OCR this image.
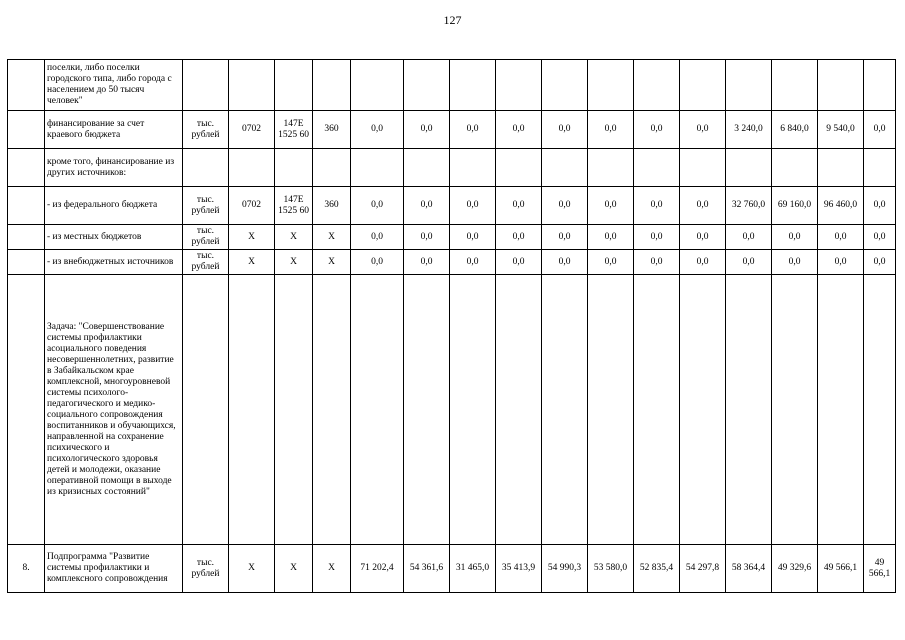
127
	поселки, либо поселки городского типа, либо города с населением до 50 тысяч человек"																
	финансирование за счет краевого бюджета	тыс. рублей	0702	147Е 1525 60	360	0,0	0,0	0,0	0,0	0,0	0,0	0,0	0,0	3 240,0	6 840,0	9 540,0	0,0
	кроме того, финансирование из других источников:																
	- из федерального бюджета	тыс. рублей	0702	147Е 1525 60	360	0,0	0,0	0,0	0,0	0,0	0,0	0,0	0,0	32 760,0	69 160,0	96 460,0	0,0
	- из местных бюджетов	тыс. рублей	Х	Х	Х	0,0	0,0	0,0	0,0	0,0	0,0	0,0	0,0	0,0	0,0	0,0	0,0
	- из внебюджетных источников	тыс. рублей	Х	Х	Х	0,0	0,0	0,0	0,0	0,0	0,0	0,0	0,0	0,0	0,0	0,0	0,0
	Задача: "Совершенствование системы профилактики асоциального поведения несовершеннолетних, развитие в Забайкальском крае комплексной, многоуровневой системы психолого-педагогического и медико-социального сопровождения воспитанников и обучающихся, направленной на сохранение психического и психологического здоровья детей и молодежи, оказание оперативной помощи в выходе из кризисных состояний"																
8.	Подпрограмма "Развитие системы профилактики и комплексного сопровождения	тыс. рублей	Х	Х	Х	71 202,4	54 361,6	31 465,0	35 413,9	54 990,3	53 580,0	52 835,4	54 297,8	58 364,4	49 329,6	49 566,1	49 566,1
